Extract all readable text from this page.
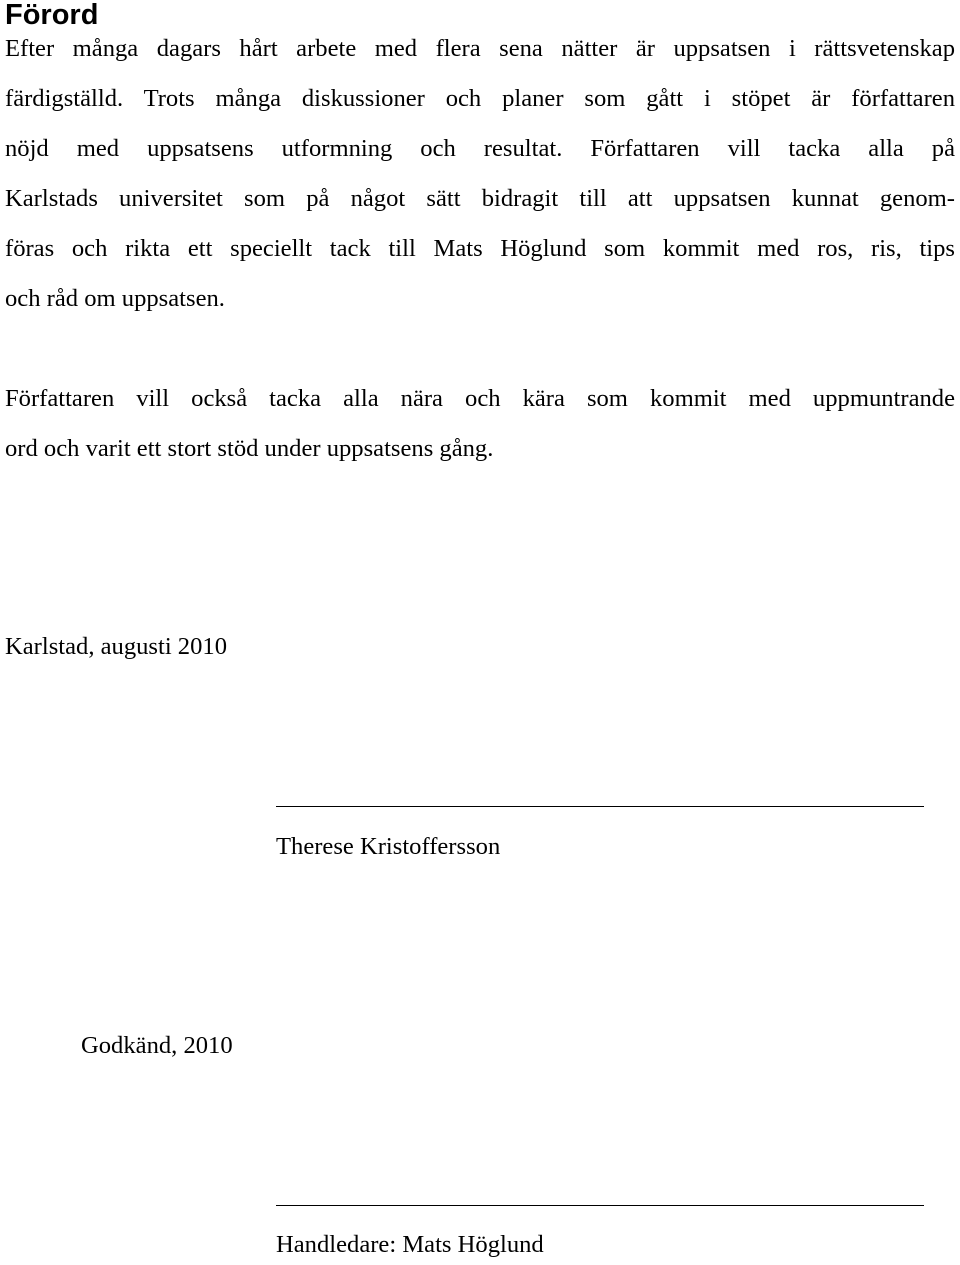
Förord
Efter många dagars hårt arbete med flera sena nätter är uppsatsen i rättsvetenskap
färdigställd. Trots många diskussioner och planer som gått i stöpet är författaren
nöjd med uppsatsens utformning och resultat. Författaren vill tacka alla på
Karlstads universitet som på något sätt bidragit till att uppsatsen kunnat genom-
föras och rikta ett speciellt tack till Mats Höglund som kommit med ros, ris, tips
och råd om uppsatsen.
Författaren vill också tacka alla nära och kära som kommit med uppmuntrande
ord och varit ett stort stöd under uppsatsens gång.
Karlstad, augusti 2010
Therese Kristoffersson
Godkänd, 2010
Handledare: Mats Höglund
